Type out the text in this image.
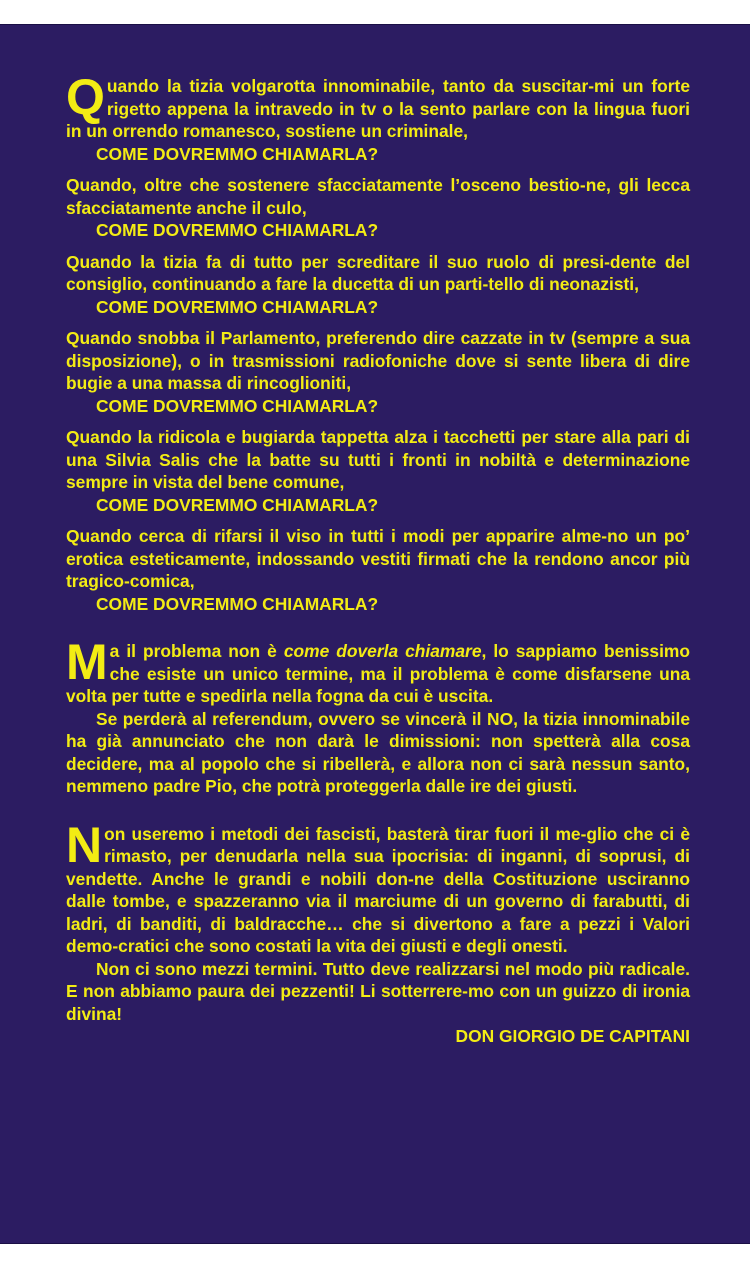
Quando la tizia volgarotta innominabile, tanto da suscitar-mi un forte rigetto appena la intravedo in tv o la sento parlare con la lingua fuori in un orrendo romanesco, sostiene un criminale,

COME DOVREMMO CHIAMARLA?

Quando, oltre che sostenere sfacciatamente l’osceno bestio-ne, gli lecca sfacciatamente anche il culo,

COME DOVREMMO CHIAMARLA?

Quando la tizia fa di tutto per screditare il suo ruolo di presi-dente del consiglio, continuando a fare la ducetta di un parti-tello di neonazisti,

COME DOVREMMO CHIAMARLA?

Quando snobba il Parlamento, preferendo dire cazzate in tv (sempre a sua disposizione), o in trasmissioni radiofoniche dove si sente libera di dire bugie a una massa di rincoglioniti,

COME DOVREMMO CHIAMARLA?

Quando la ridicola e bugiarda tappetta alza i tacchetti per stare alla pari di una Silvia Salis che la batte su tutti i fronti in nobiltà e determinazione sempre in vista del bene comune,

COME DOVREMMO CHIAMARLA?

Quando cerca di rifarsi il viso in tutti i modi per apparire alme-no un po’ erotica esteticamente, indossando vestiti firmati che la rendono ancor più tragico-comica,

COME DOVREMMO CHIAMARLA?

Ma il problema non è come doverla chiamare, lo sappiamo benissimo che esiste un unico termine, ma il problema è come disfarsene una volta per tutte e spedirla nella fogna da cui è uscita.

Se perderà al referendum, ovvero se vincerà il NO, la tizia innominabile ha già annunciato che non darà le dimissioni: non spetterà alla cosa decidere, ma al popolo che si ribellerà, e allora non ci sarà nessun santo, nemmeno padre Pio, che potrà proteggerla dalle ire dei giusti.

Non useremo i metodi dei fascisti, basterà tirar fuori il me-glio che ci è rimasto, per denudarla nella sua ipocrisia: di inganni, di soprusi, di vendette. Anche le grandi e nobili don-ne della Costituzione usciranno dalle tombe, e spazzeranno via il marciume di un governo di farabutti, di ladri, di banditi, di baldracche… che si divertono a fare a pezzi i Valori demo-cratici che sono costati la vita dei giusti e degli onesti.

Non ci sono mezzi termini. Tutto deve realizzarsi nel modo più radicale. E non abbiamo paura dei pezzenti! Li sotterrere-mo con un guizzo di ironia divina!

DON GIORGIO DE CAPITANI
